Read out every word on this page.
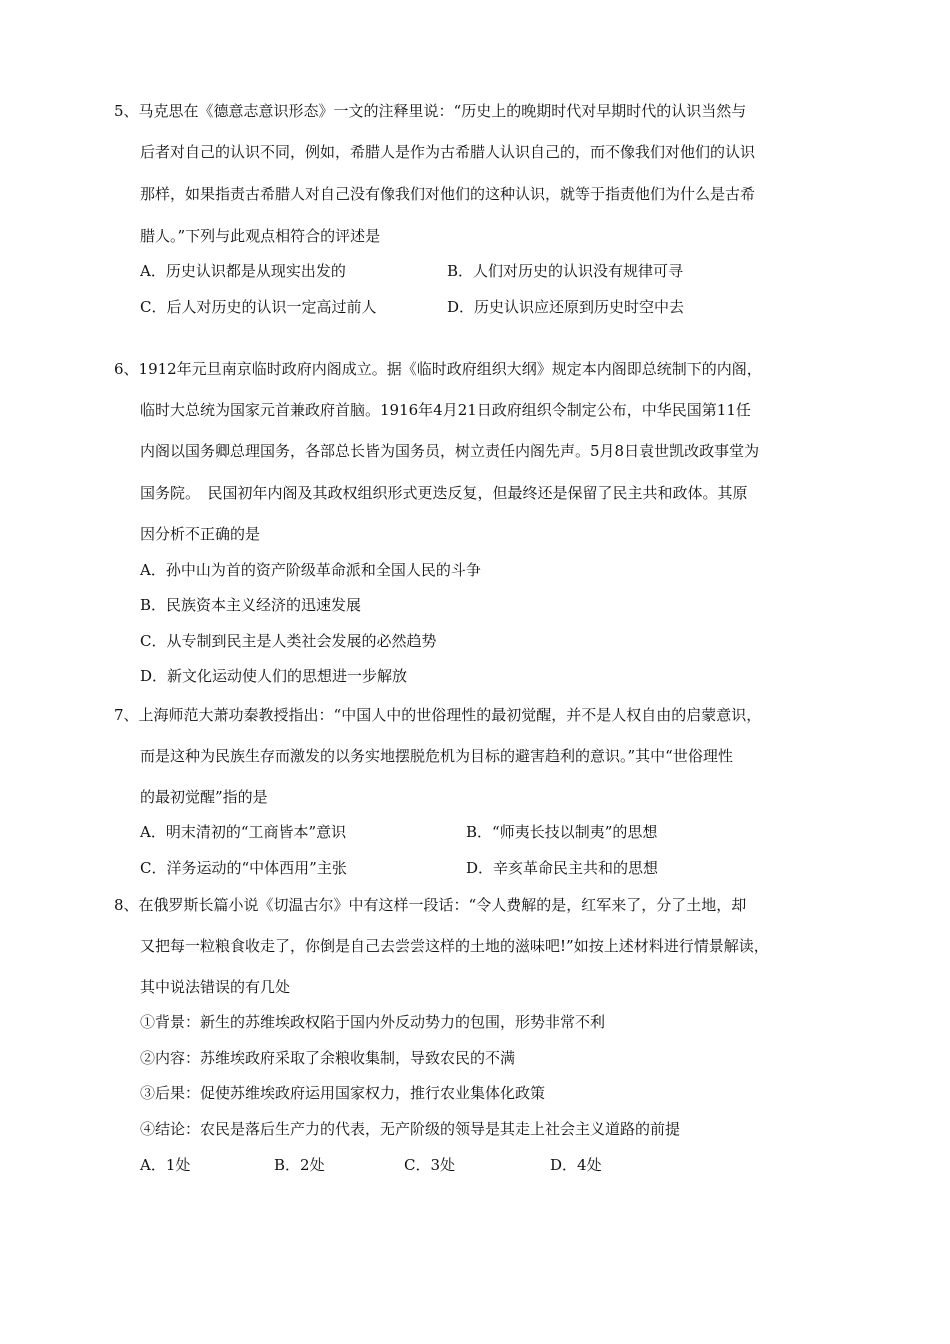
5、马克思在《德意志意识形态》一文的注释里说：“历史上的晚期时代对早期时代的认识当然与
后者对自己的认识不同，例如，希腊人是作为古希腊人认识自己的，而不像我们对他们的认识
那样，如果指责古希腊人对自己没有像我们对他们的这种认识，就等于指责他们为什么是古希
腊人。”下列与此观点相符合的评述是
A．历史认识都是从现实出发的	B．人们对历史的认识没有规律可寻
C．后人对历史的认识一定高过前人	D．历史认识应还原到历史时空中去
6、1912年元旦南京临时政府内阁成立。据《临时政府组织大纲》规定本内阁即总统制下的内阁，
临时大总统为国家元首兼政府首脑。1916年4月21日政府组织令制定公布，中华民国第11任
内阁以国务卿总理国务，各部总长皆为国务员，树立责任内阁先声。5月8日袁世凯改政事堂为
国务院。　民国初年内阁及其政权组织形式更迭反复，但最终还是保留了民主共和政体。其原
因分析不正确的是
A．孙中山为首的资产阶级革命派和全国人民的斗争
B．民族资本主义经济的迅速发展
C．从专制到民主是人类社会发展的必然趋势
D．新文化运动使人们的思想进一步解放
7、上海师范大萧功秦教授指出：“中国人中的世俗理性的最初觉醒，并不是人权自由的启蒙意识，
而是这种为民族生存而激发的以务实地摆脱危机为目标的避害趋利的意识。”其中“世俗理性
的最初觉醒”指的是
A．明末清初的“工商皆本”意识	B．“师夷长技以制夷”的思想
C．洋务运动的“中体西用”主张	D．辛亥革命民主共和的思想
8、在俄罗斯长篇小说《切温古尔》中有这样一段话：“令人费解的是，红军来了，分了土地，却
又把每一粒粮食收走了，你倒是自己去尝尝这样的土地的滋味吧!”如按上述材料进行情景解读，
其中说法错误的有几处
①背景：新生的苏维埃政权陷于国内外反动势力的包围，形势非常不利
②内容：苏维埃政府采取了余粮收集制，导致农民的不满
③后果：促使苏维埃政府运用国家权力，推行农业集体化政策
④结论：农民是落后生产力的代表，无产阶级的领导是其走上社会主义道路的前提
A．1处	B．2处	C．3处	D．4处
